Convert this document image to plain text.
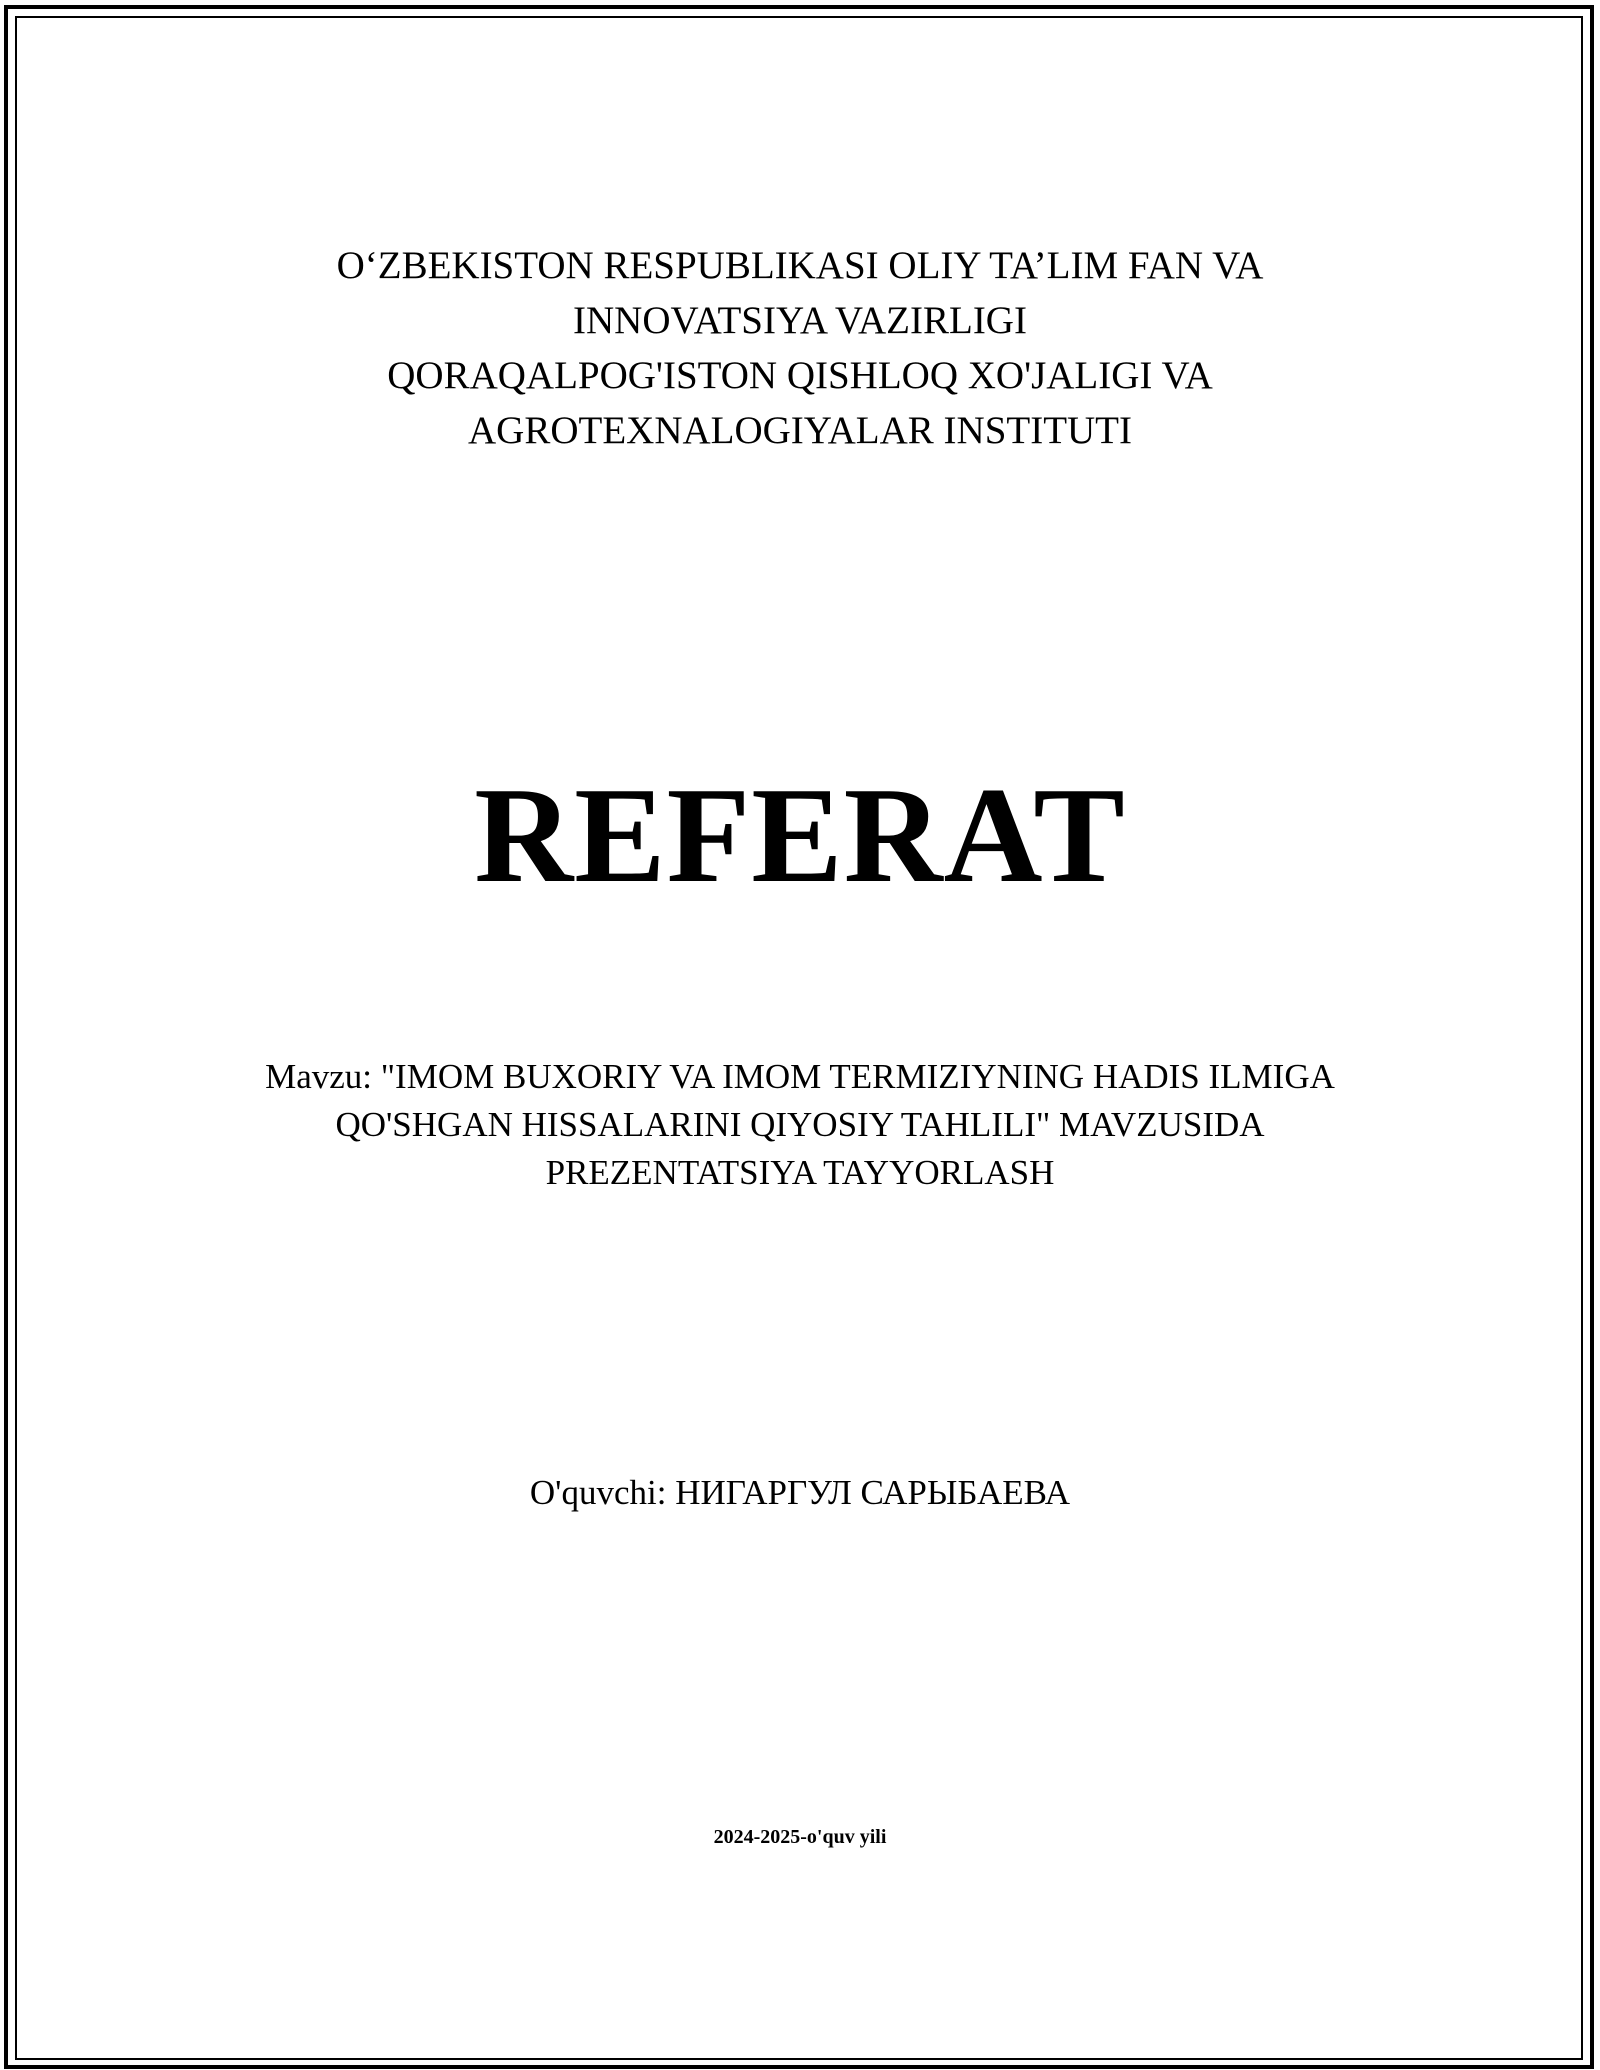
O‘ZBEKISTON RESPUBLIKASI OLIY TA’LIM FAN VA
INNOVATSIYA VAZIRLIGI
QORAQALPOG'ISTON QISHLOQ XO'JALIGI VA
AGROTEXNALOGIYALAR INSTITUTI
REFERAT
Mavzu: "IMOM BUXORIY VA IMOM TERMIZIYNING HADIS ILMIGA
QO'SHGAN HISSALARINI QIYOSIY TAHLILI" MAVZUSIDA
PREZENTATSIYA TAYYORLASH
O'quvchi: НИГАРГУЛ САРЫБАЕВА
2024-2025-o'quv yili
